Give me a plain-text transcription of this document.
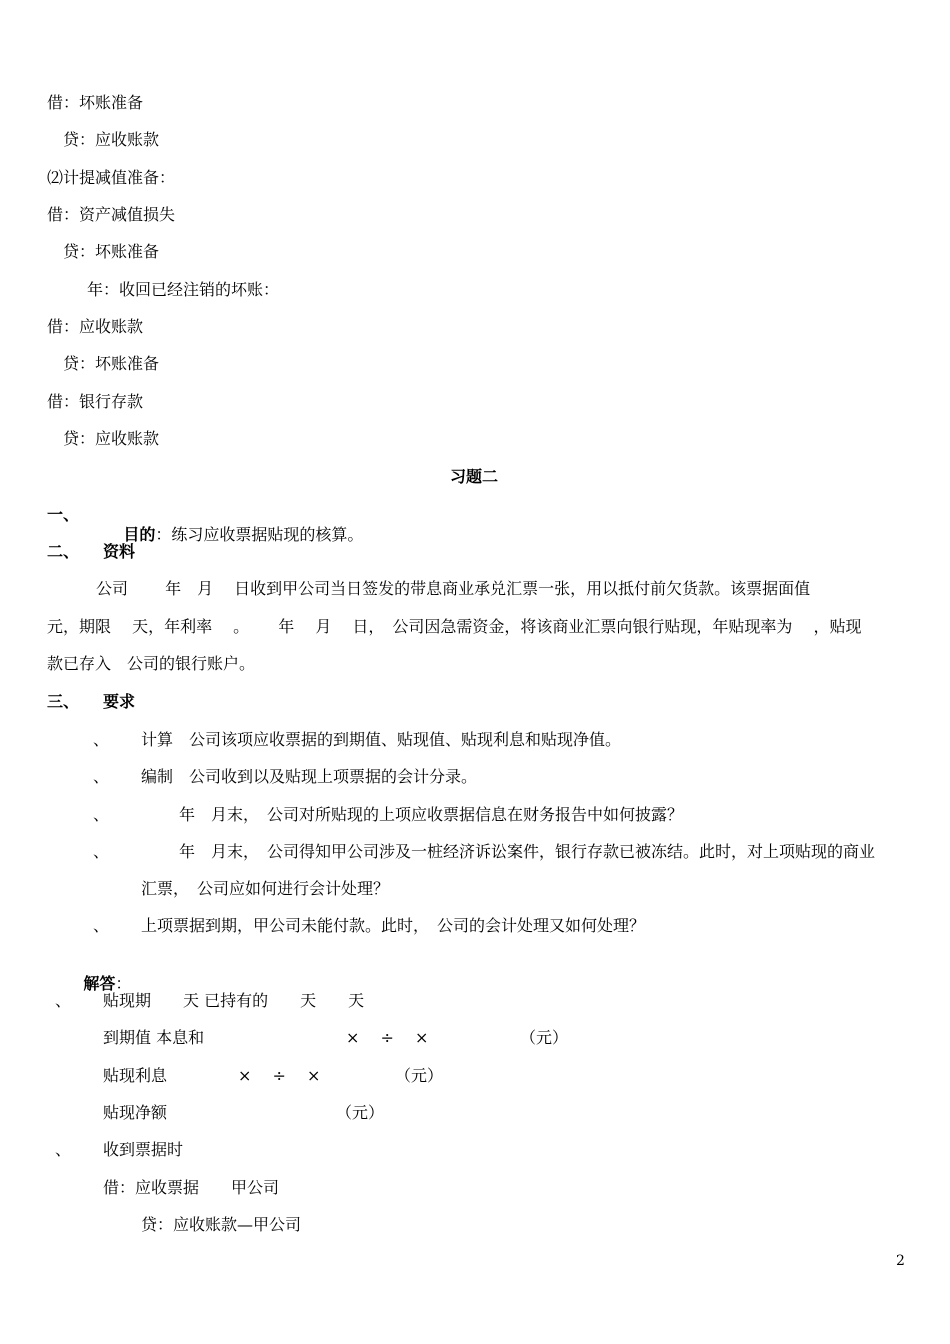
借：坏账准备
贷：应收账款
⑵计提减值准备：
借：资产减值损失
贷：坏账准备
年：收回已经注销的坏账：
借：应收账款
贷：坏账准备
借：银行存款
贷：应收账款
习题二
一、

目的：练习应收票据贴现的核算。

二、 资料
公司　　 年　月　 日收到甲公司当日签发的带息商业承兑汇票一张，用以抵付前欠货款。该票据面值
元，期限　 天，年利率　 。　　 年　 月　 日，　公司因急需资金，将该商业汇票向银行贴现，年贴现率为　 ，贴现
款已存入　公司的银行账户。
三、 要求
、 计算　公司该项应收票据的到期值、贴现值、贴现利息和贴现净值。
、 编制　公司收到以及贴现上项票据的会计分录。
、	年　月末，　公司对所贴现的上项应收票据信息在财务报告中如何披露？
、	年　月末，　公司得知甲公司涉及一桩经济诉讼案件，银行存款已被冻结。此时，对上项贴现的商业
汇票，　公司应如何进行会计处理？
、 上项票据到期，甲公司未能付款。此时，　公司的会计处理又如何处理？

解答：

、 贴现期　　天 已持有的　　天　　天
到期值 本息和	×　 ÷　 ×	（元）
贴现利息	×　 ÷　 ×	（元）
贴现净额	（元）
、 收到票据时
借：应收票据　　甲公司
贷：应收账款—甲公司
2
